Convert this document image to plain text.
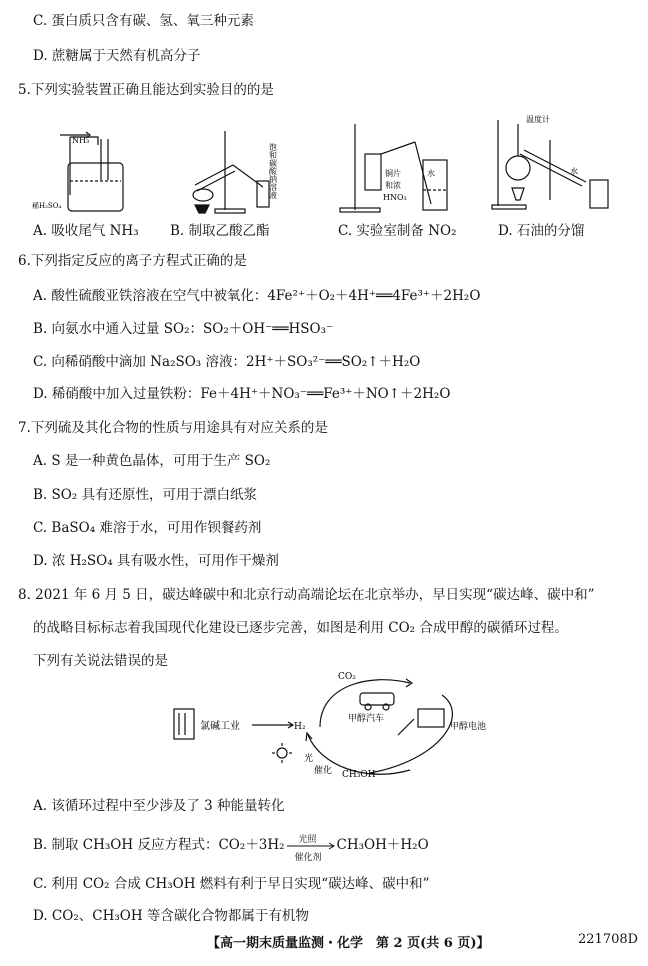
C. 蛋白质只含有碳、氢、氧三种元素
D. 蔗糖属于天然有机高分子
5.下列实验装置正确且能达到实验目的的是
NH₃
稀H₂SO₄
A. 吸收尾气 NH₃
饱和碳酸钠溶液
B. 制取乙酸乙酯
铜片
和浓
HNO₃
水
C. 实验室制备 NO₂
温度计
水
D. 石油的分馏
6.下列指定反应的离子方程式正确的是
A. 酸性硫酸亚铁溶液在空气中被氧化：4Fe²⁺＋O₂＋4H⁺══4Fe³⁺＋2H₂O
B. 向氨水中通入过量 SO₂：SO₂＋OH⁻══HSO₃⁻
C. 向稀硝酸中滴加 Na₂SO₃ 溶液：2H⁺＋SO₃²⁻══SO₂↑＋H₂O
D. 稀硝酸中加入过量铁粉：Fe＋4H⁺＋NO₃⁻══Fe³⁺＋NO↑＋2H₂O
7.下列硫及其化合物的性质与用途具有对应关系的是
A. S 是一种黄色晶体，可用于生产 SO₂
B. SO₂ 具有还原性，可用于漂白纸浆
C. BaSO₄ 难溶于水，可用作钡餐药剂
D. 浓 H₂SO₄ 具有吸水性，可用作干燥剂
8. 2021 年 6 月 5 日，碳达峰碳中和北京行动高端论坛在北京举办，早日实现“碳达峰、碳中和”
的战略目标标志着我国现代化建设已逐步完善，如图是利用 CO₂ 合成甲醇的碳循环过程。
下列有关说法错误的是
CO₂
氯碱工业	H₂
甲醇汽车
甲醇电池
光
催化 CH₃OH
A. 该循环过程中至少涉及了 3 种能量转化
B. 制取 CH₃OH 反应方程式：CO₂＋3H₂ 光照
催化剂
CH₃OH＋H₂O
C. 利用 CO₂ 合成 CH₃OH 燃料有利于早日实现“碳达峰、碳中和”
D. CO₂、CH₃OH 等含碳化合物都属于有机物
【高一期末质量监测・化学　第 2 页(共 6 页)】	221708D
